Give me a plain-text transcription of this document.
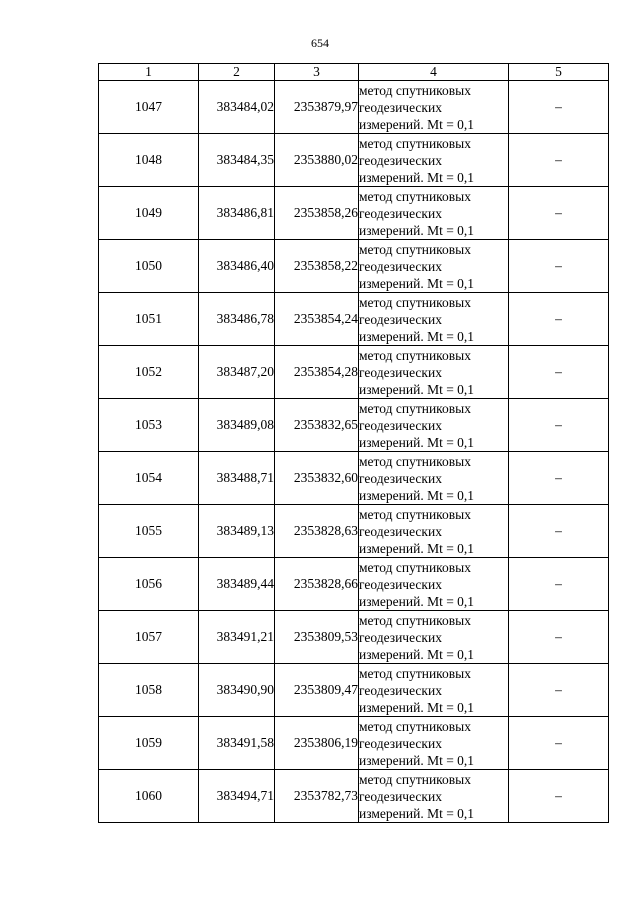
654
1	2	3	4	5
1047	383484,02	2353879,97	метод спутниковых
геодезических
измерений. Mt = 0,1	–
1048	383484,35	2353880,02	метод спутниковых
геодезических
измерений. Mt = 0,1	–
1049	383486,81	2353858,26	метод спутниковых
геодезических
измерений. Mt = 0,1	–
1050	383486,40	2353858,22	метод спутниковых
геодезических
измерений. Mt = 0,1	–
1051	383486,78	2353854,24	метод спутниковых
геодезических
измерений. Mt = 0,1	–
1052	383487,20	2353854,28	метод спутниковых
геодезических
измерений. Mt = 0,1	–
1053	383489,08	2353832,65	метод спутниковых
геодезических
измерений. Mt = 0,1	–
1054	383488,71	2353832,60	метод спутниковых
геодезических
измерений. Mt = 0,1	–
1055	383489,13	2353828,63	метод спутниковых
геодезических
измерений. Mt = 0,1	–
1056	383489,44	2353828,66	метод спутниковых
геодезических
измерений. Mt = 0,1	–
1057	383491,21	2353809,53	метод спутниковых
геодезических
измерений. Mt = 0,1	–
1058	383490,90	2353809,47	метод спутниковых
геодезических
измерений. Mt = 0,1	–
1059	383491,58	2353806,19	метод спутниковых
геодезических
измерений. Mt = 0,1	–
1060	383494,71	2353782,73	метод спутниковых
геодезических
измерений. Mt = 0,1	–
